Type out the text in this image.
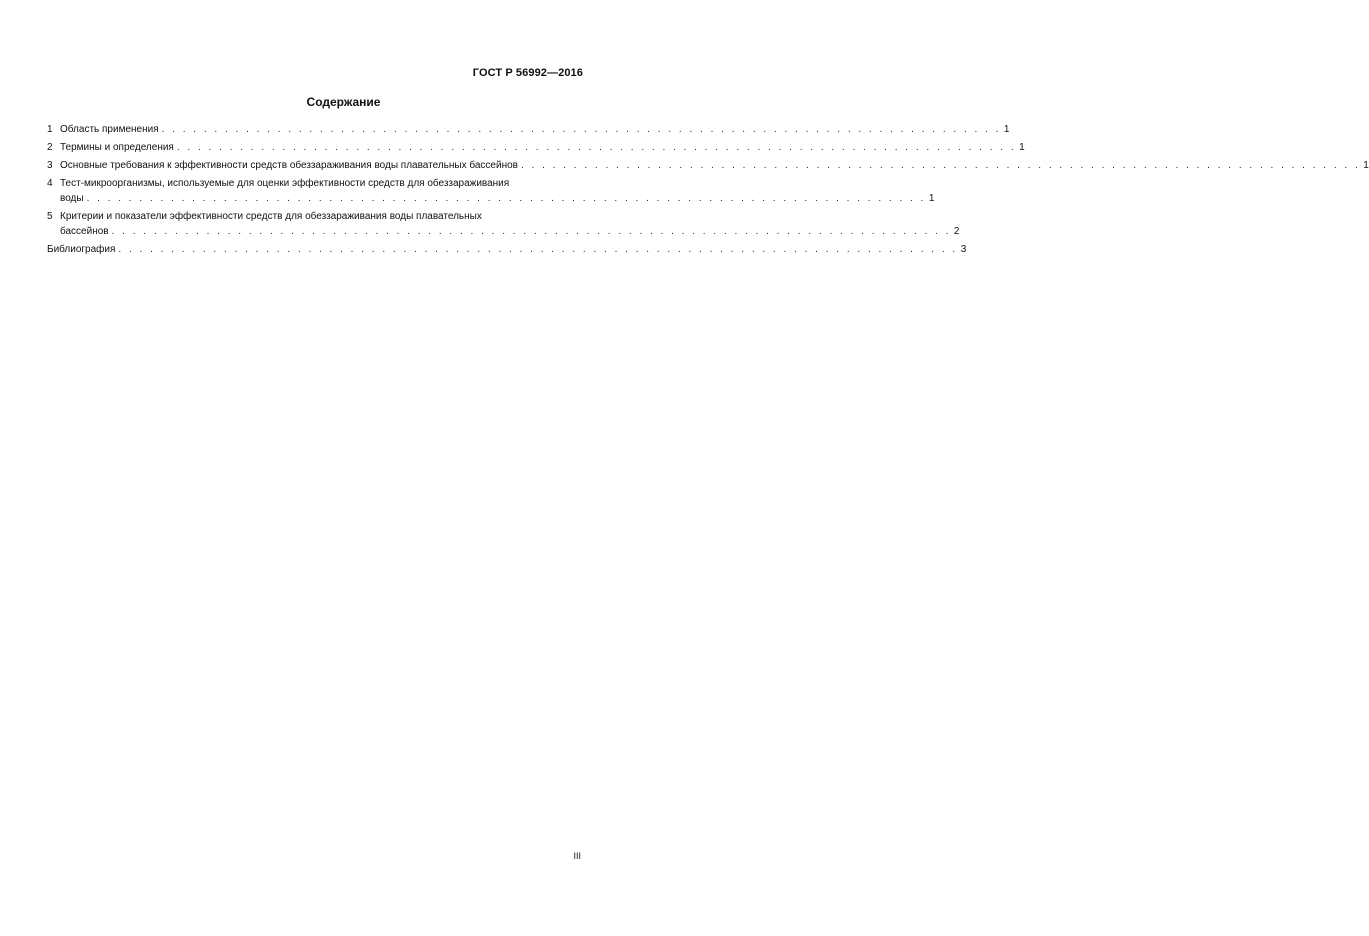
ГОСТ Р 56992—2016
Содержание
1 Область применения . . . . . . . . . . . . . . . . . . . . . . . . . . . . . . . . . . . . . . . . . . . . . . . . . . . . . . . . . . . . . . . . . . . . . . . . . . . . . . . . 1
2 Термины и определения . . . . . . . . . . . . . . . . . . . . . . . . . . . . . . . . . . . . . . . . . . . . . . . . . . . . . . . . . . . . . . . . . . . . . . . . . . . . . . . . 1
3 Основные требования к эффективности средств обеззараживания воды плавательных бассейнов . . . . . . . . . . . . . . . . . . . . . . . . . . . . . . . . . . . . . . . . . . . . . . . . . . . . . . . . . . . . . . . . . . . . . . . . . . . . . . . . 1
4 Тест-микроорганизмы, используемые для оценки эффективности средств для обеззараживания
воды . . . . . . . . . . . . . . . . . . . . . . . . . . . . . . . . . . . . . . . . . . . . . . . . . . . . . . . . . . . . . . . . . . . . . . . . . . . . . . . . 1
5 Критерии и показатели эффективности средств для обеззараживания воды плавательных
бассейнов . . . . . . . . . . . . . . . . . . . . . . . . . . . . . . . . . . . . . . . . . . . . . . . . . . . . . . . . . . . . . . . . . . . . . . . . . . . . . . . . 2
Библиография . . . . . . . . . . . . . . . . . . . . . . . . . . . . . . . . . . . . . . . . . . . . . . . . . . . . . . . . . . . . . . . . . . . . . . . . . . . . . . . . 3
III
